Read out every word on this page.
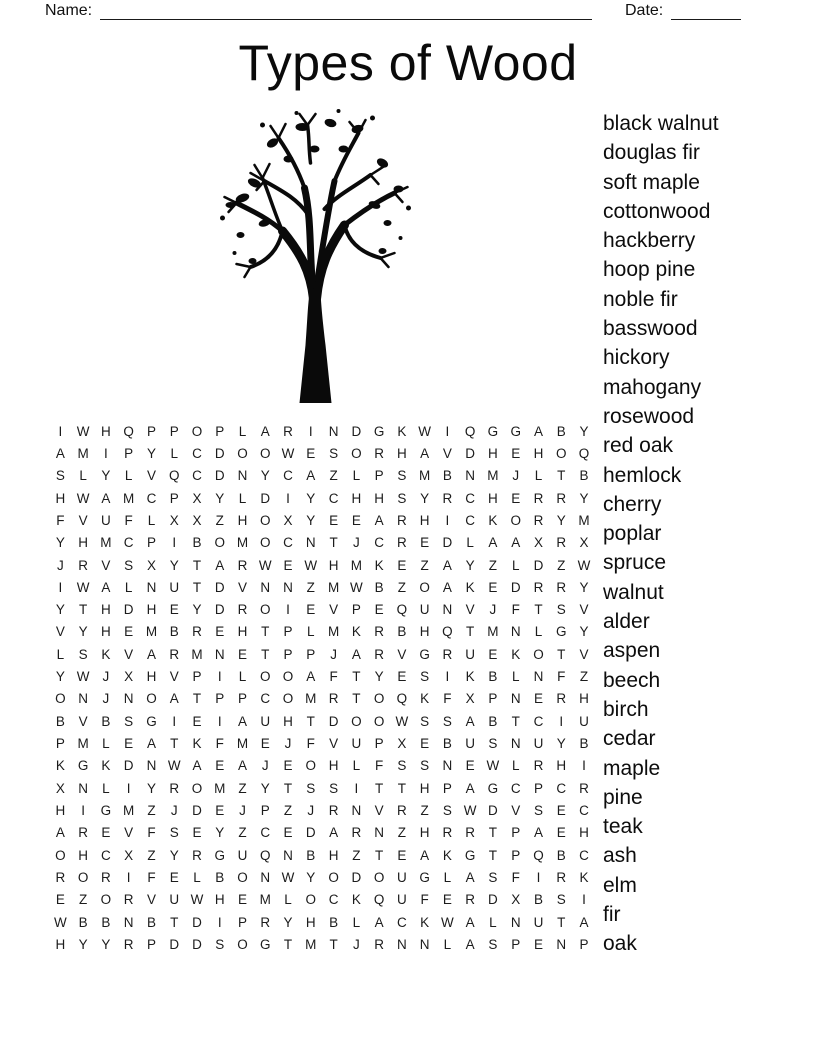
Name:	Date:
Types of Wood
black walnut
douglas fir
soft maple
cottonwood
hackberry
hoop pine
noble fir
basswood
hickory
mahogany
rosewood
red oak
hemlock
cherry
poplar
spruce
walnut
alder
aspen
beech
birch
cedar
maple
pine
teak
ash
elm
fir
oak
I	W H Q P	P O P	L	A R	I	N D G K W	I	Q G G A	B	Y
A M	I	P	Y	L	C D O O W E	S O R H A	V D H E H O Q
S	L	Y	L	V Q C D N Y C A	Z	L	P	S M B N M	J	L	T	B
H W A M C P	X	Y	L	D	I	Y C H H S	Y R C H E R R Y
F	V U	F	L	X	X	Z	H O X	Y	E	E	A R H	I	C K O R Y M
Y H M C P	I	B O M O C N	T	J	C R E D	L	A	A	X R X
J	R V	S	X	Y	T	A R W E W H M K	E	Z	A	Y	Z	L	D	Z W
I	W A	L	N U	T	D V N N	Z M W B	Z O A	K	E D R R Y
Y	T	H D H E	Y D R O	I	E	V	P	E Q U N V	J	F	T	S	V
V	Y H E M B R E H	T	P	L M K R B H Q T M N	L	G Y
L	S	K	V	A R M N E	T	P	P	J	A R V G R U E	K O T	V
Y W J	X H V	P	I	L	O O A	F	T	Y	E	S	I	K	B	L	N	F	Z
O N	J	N O A	T	P	P C O M R	T O Q K	F	X	P N E R H
B	V	B	S G	I	E	I	A U H	T	D O O W S	S	A	B	T	C	I	U
P M L	E	A	T	K	F M E	J	F	V U P	X	E	B U S N U Y	B
K G K D N W A	E	A	J	E O H	L	F	S	S N E W L	R H	I
X N	L	I	Y R O M Z	Y	T	S	S	I	T	T	H P	A G C P C R
H	I	G M Z	J	D E	J	P	Z	J	R N V R	Z	S W D V	S	E C
A R E	V	F	S	E	Y	Z	C E D A R N	Z	H R R	T	P	A	E H
O H C X	Z	Y R G U Q N B H	Z	T	E	A	K G T	P Q B C
R O R	I	F	E	L	B O N W Y O D O U G	L	A	S	F	I	R K
E	Z O R V U W H E M L	O C K Q U	F	E R D X	B	S	I
W B	B N B	T	D	I	P R Y H B	L	A C K W A	L	N U	T	A
H Y	Y R P D D S O G T M T	J	R N N	L	A	S	P	E N P
